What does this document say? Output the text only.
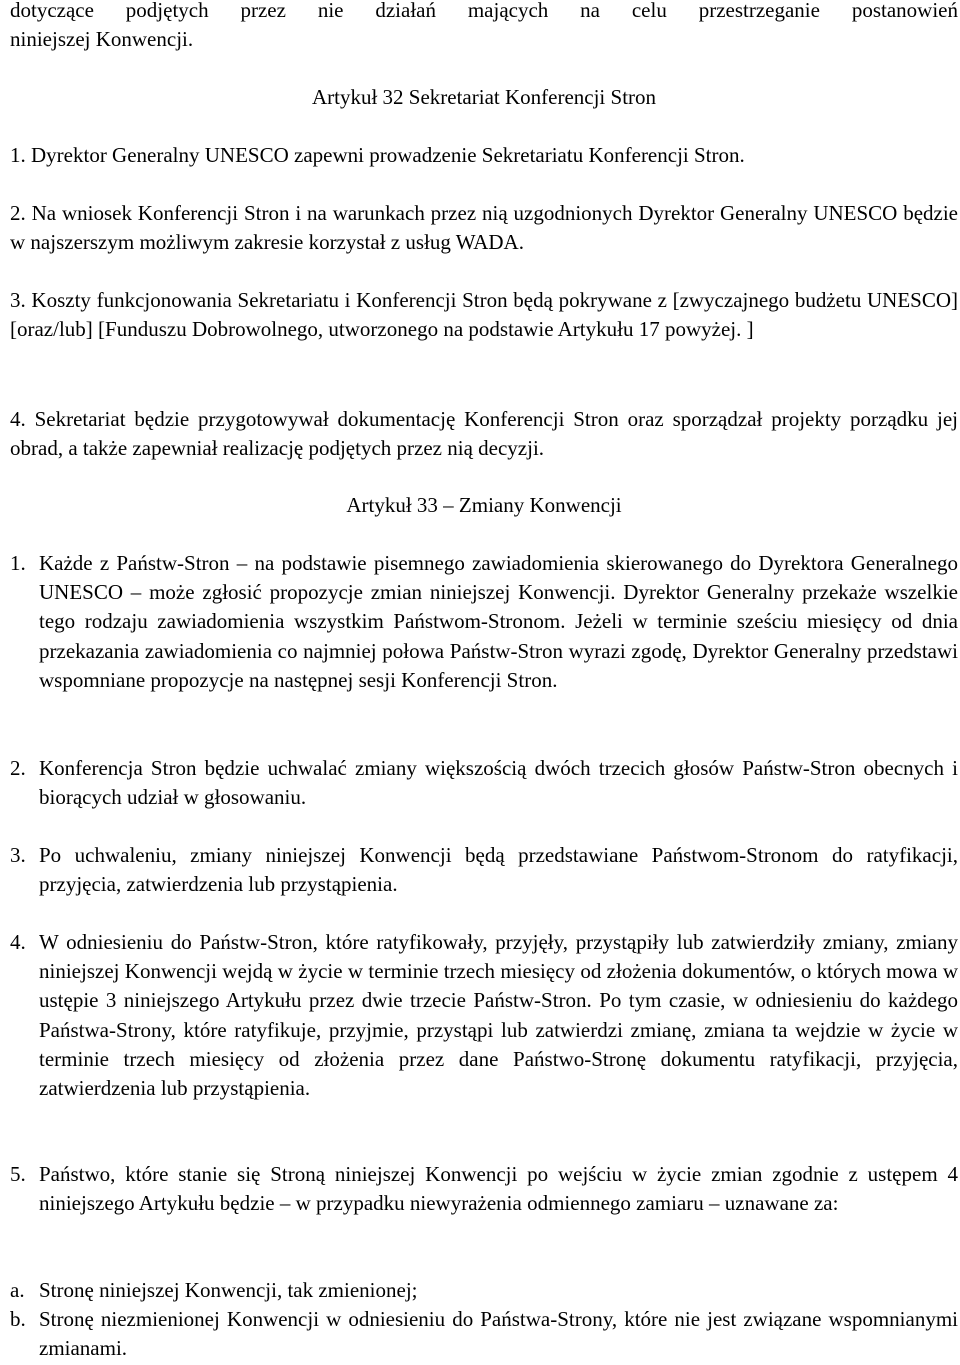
dotyczące podjętych przez nie działań mających na celu przestrzeganie postanowień
niniejszej Konwencji.
Artykuł 32 Sekretariat Konferencji Stron
1. Dyrektor Generalny UNESCO zapewni prowadzenie Sekretariatu Konferencji Stron.
2. Na wniosek Konferencji Stron i na warunkach przez nią uzgodnionych Dyrektor Generalny UNESCO będzie w najszerszym możliwym zakresie korzystał z usług WADA.
3. Koszty funkcjonowania Sekretariatu i Konferencji Stron będą pokrywane z [zwyczajnego budżetu UNESCO] [oraz/lub] [Funduszu Dobrowolnego, utworzonego na podstawie Artykułu 17 powyżej. ]
4. Sekretariat będzie przygotowywał dokumentację Konferencji Stron oraz sporządzał projekty porządku jej obrad, a także zapewniał realizację podjętych przez nią decyzji.
Artykuł 33 – Zmiany Konwencji
1. Każde z Państw-Stron – na podstawie pisemnego zawiadomienia skierowanego do Dyrektora Generalnego UNESCO – może zgłosić propozycje zmian niniejszej Konwencji. Dyrektor Generalny przekaże wszelkie tego rodzaju zawiadomienia wszystkim Państwom-Stronom. Jeżeli w terminie sześciu miesięcy od dnia przekazania zawiadomienia co najmniej połowa Państw-Stron wyrazi zgodę, Dyrektor Generalny przedstawi wspomniane propozycje na następnej sesji Konferencji Stron.
2. Konferencja Stron będzie uchwalać zmiany większością dwóch trzecich głosów Państw-Stron obecnych i biorących udział w głosowaniu.
3. Po uchwaleniu, zmiany niniejszej Konwencji będą przedstawiane Państwom-Stronom do ratyfikacji, przyjęcia, zatwierdzenia lub przystąpienia.
4. W odniesieniu do Państw-Stron, które ratyfikowały, przyjęły, przystąpiły lub zatwierdziły zmiany, zmiany niniejszej Konwencji wejdą w życie w terminie trzech miesięcy od złożenia dokumentów, o których mowa w ustępie 3 niniejszego Artykułu przez dwie trzecie Państw-Stron. Po tym czasie, w odniesieniu do każdego Państwa-Strony, które ratyfikuje, przyjmie, przystąpi lub zatwierdzi zmianę, zmiana ta wejdzie w życie w terminie trzech miesięcy od złożenia przez dane Państwo-Stronę dokumentu ratyfikacji, przyjęcia, zatwierdzenia lub przystąpienia.
5. Państwo, które stanie się Stroną niniejszej Konwencji po wejściu w życie zmian zgodnie z ustępem 4 niniejszego Artykułu będzie – w przypadku niewyrażenia odmiennego zamiaru – uznawane za:
a. Stronę niniejszej Konwencji, tak zmienionej;
b. Stronę niezmienionej Konwencji w odniesieniu do Państwa-Strony, które nie jest związane wspomnianymi zmianami.
